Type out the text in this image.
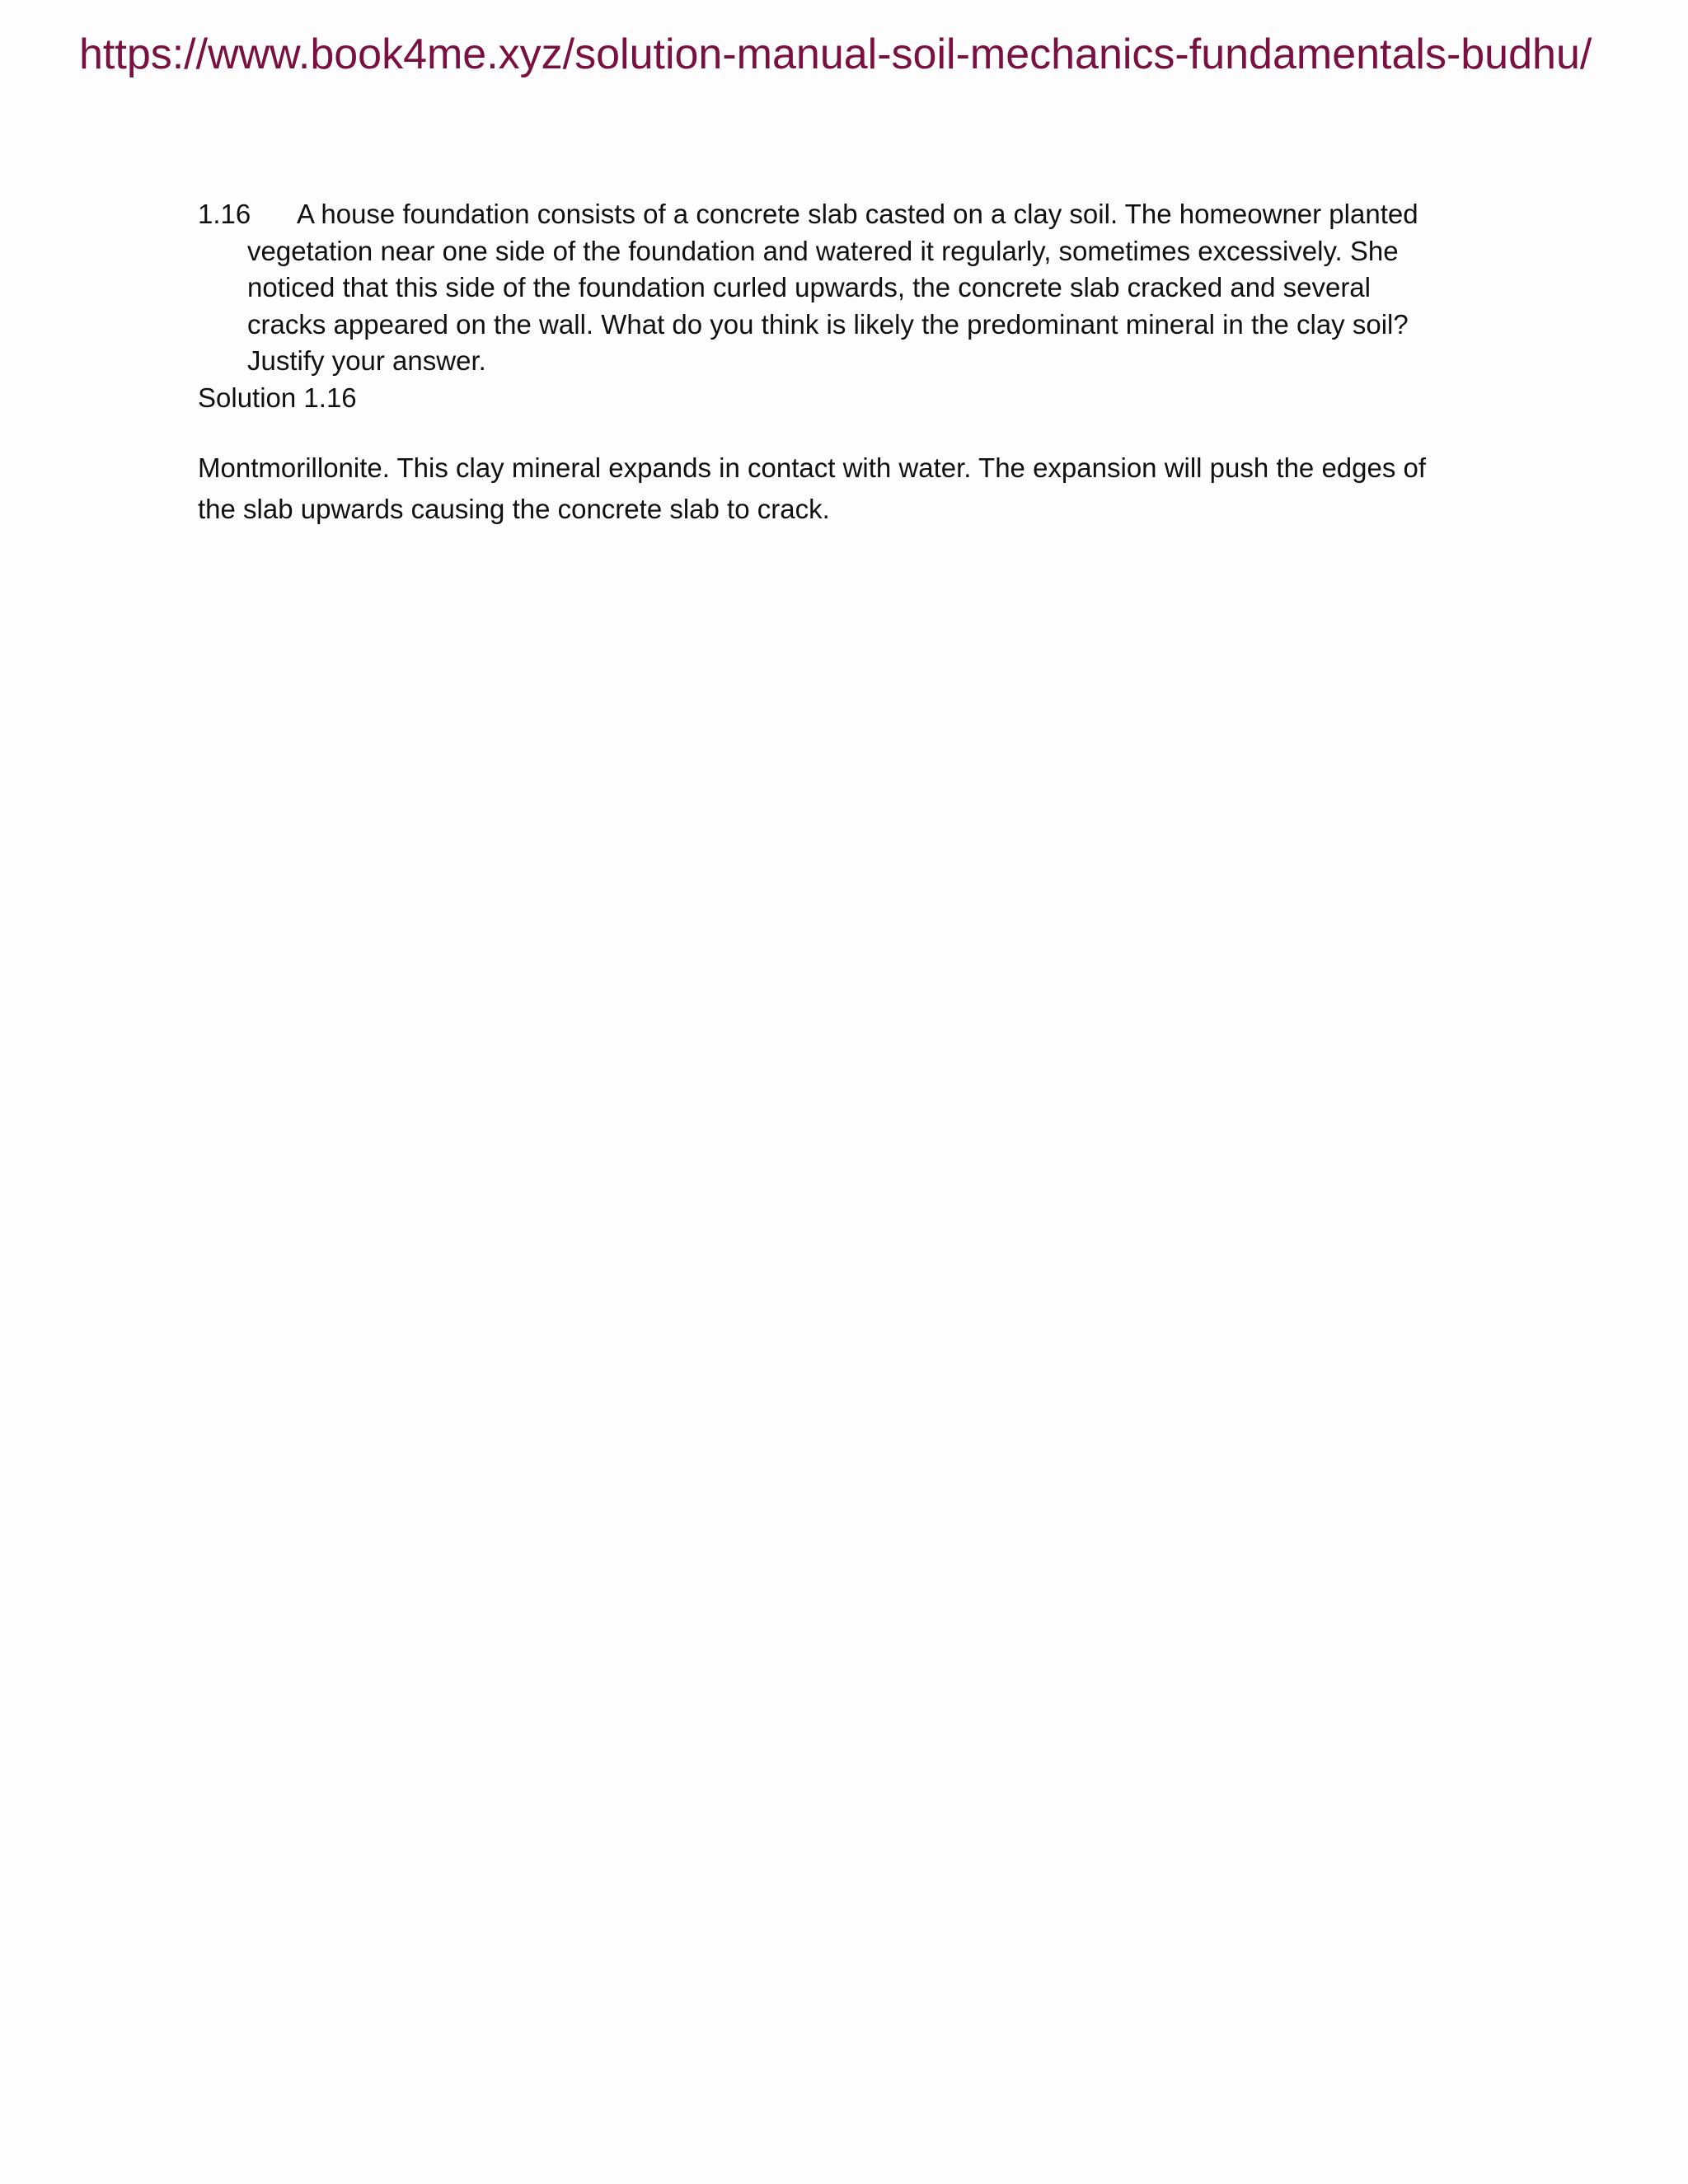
https://www.book4me.xyz/solution-manual-soil-mechanics-fundamentals-budhu/
1.16	A house foundation consists of a concrete slab casted on a clay soil. The homeowner planted
vegetation near one side of the foundation and watered it regularly, sometimes excessively. She
noticed that this side of the foundation curled upwards, the concrete slab cracked and several
cracks appeared on the wall. What do you think is likely the predominant mineral in the clay soil?
Justify your answer.
Solution 1.16
Montmorillonite. This clay mineral expands in contact with water. The expansion will push the edges of
the slab upwards causing the concrete slab to crack.
